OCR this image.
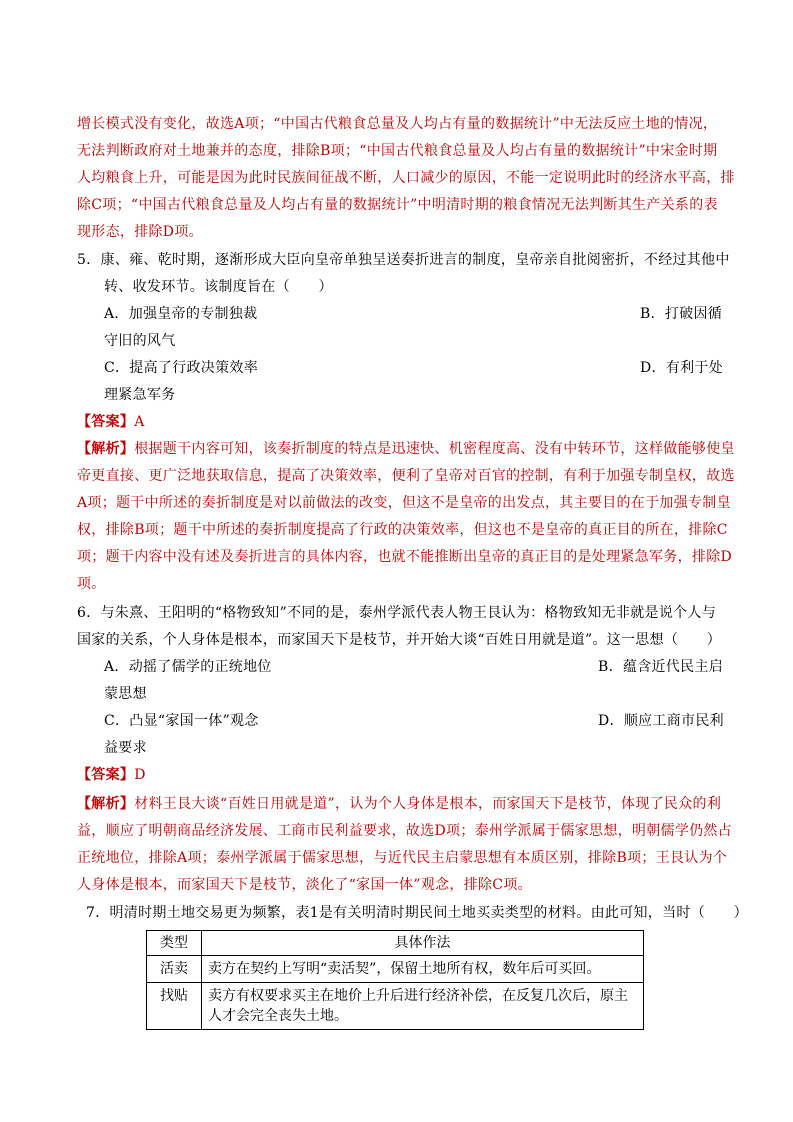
增长模式没有变化，故选A项；“中国古代粮食总量及人均占有量的数据统计”中无法反应土地的情况，
无法判断政府对土地兼并的态度，排除B项；“中国古代粮食总量及人均占有量的数据统计”中宋金时期
人均粮食上升，可能是因为此时民族间征战不断，人口减少的原因，不能一定说明此时的经济水平高，排
除C项；“中国古代粮食总量及人均占有量的数据统计”中明清时期的粮食情况无法判断其生产关系的表
现形态，排除D项。
5．康、雍、乾时期，逐渐形成大臣向皇帝单独呈送奏折进言的制度，皇帝亲自批阅密折，不经过其他中
转、收发环节。该制度旨在（　　）
A．加强皇帝的专制独裁	B．打破因循
守旧的风气
C．提高了行政决策效率	D．有利于处
理紧急军务
【答案】A
【解析】根据题干内容可知，该奏折制度的特点是迅速快、机密程度高、没有中转环节，这样做能够使皇
帝更直接、更广泛地获取信息，提高了决策效率，便利了皇帝对百官的控制，有利于加强专制皇权，故选
A项；题干中所述的奏折制度是对以前做法的改变，但这不是皇帝的出发点，其主要目的在于加强专制皇
权，排除B项；题干中所述的奏折制度提高了行政的决策效率，但这也不是皇帝的真正目的所在，排除C
项；题干内容中没有述及奏折进言的具体内容，也就不能推断出皇帝的真正目的是处理紧急军务，排除D
项。
6．与朱熹、王阳明的“格物致知”不同的是，泰州学派代表人物王艮认为：格物致知无非就是说个人与
国家的关系，个人身体是根本，而家国天下是枝节，并开始大谈“百姓日用就是道”。这一思想（　　）
A．动摇了儒学的正统地位	B．蕴含近代民主启
蒙思想
C．凸显“家国一体”观念	D．顺应工商市民利
益要求
【答案】D
【解析】材料王艮大谈“百姓日用就是道”，认为个人身体是根本，而家国天下是枝节，体现了民众的利
益，顺应了明朝商品经济发展、工商市民利益要求，故选D项；泰州学派属于儒家思想，明朝儒学仍然占
正统地位，排除A项；泰州学派属于儒家思想，与近代民主启蒙思想有本质区别，排除B项；王艮认为个
人身体是根本，而家国天下是枝节，淡化了“家国一体”观念，排除C项。
7．明清时期土地交易更为频繁，表1是有关明清时期民间土地买卖类型的材料。由此可知，当时（　　）
类型	具体作法
活卖	卖方在契约上写明“卖活契”，保留土地所有权，数年后可买回。
找贴	卖方有权要求买主在地价上升后进行经济补偿，在反复几次后，原主人才会完全丧失土地。
